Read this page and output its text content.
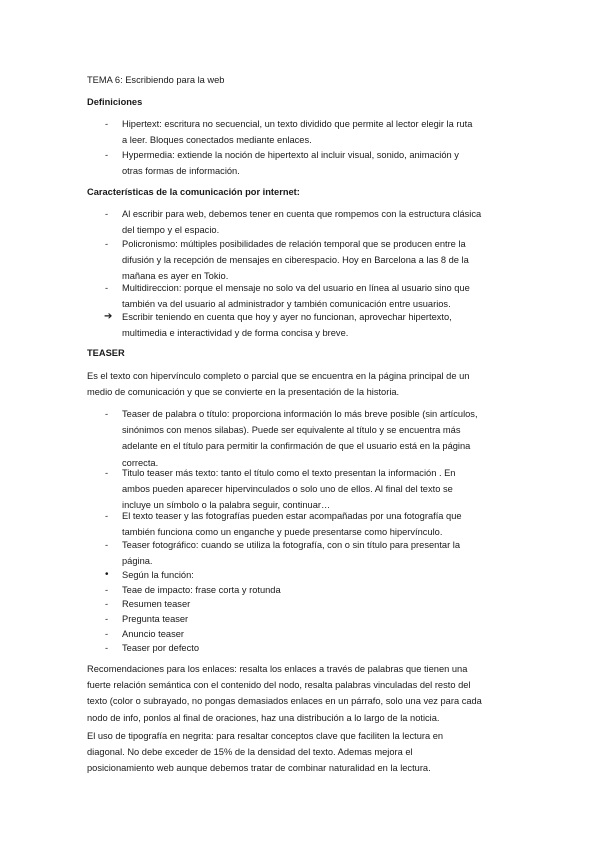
TEMA 6: Escribiendo para la web
Definiciones
-	Hipertext: escritura no secuencial, un texto dividido que permite al lector elegir la ruta
a leer. Bloques conectados mediante enlaces.
-	Hypermedia: extiende la noción de hipertexto al incluir visual, sonido, animación y
otras formas de información.
Características de la comunicación por internet:
-	Al escribir para web, debemos tener en cuenta que rompemos con la estructura clásica
del tiempo y el espacio.
-	Policronismo: múltiples posibilidades de relación temporal que se producen entre la
difusión y la recepción de mensajes en ciberespacio. Hoy en Barcelona a las 8 de la
mañana es ayer en Tokio.
-	Multidireccion: porque el mensaje no solo va del usuario en línea al usuario sino que
también va del usuario al administrador y también comunicación entre usuarios.
➔	Escribir teniendo en cuenta que hoy y ayer no funcionan, aprovechar hipertexto,
multimedia e interactividad y de forma concisa y breve.
TEASER
Es el texto con hipervínculo completo o parcial que se encuentra en la página principal de un
medio de comunicación y que se convierte en la presentación de la historia.
-	Teaser de palabra o título: proporciona información lo más breve posible (sin artículos,
sinónimos con menos silabas). Puede ser equivalente al título y se encuentra más
adelante en el título para permitir la confirmación de que el usuario está en la página
correcta.
-	Titulo teaser más texto: tanto el título como el texto presentan la información . En
ambos pueden aparecer hipervinculados o solo uno de ellos. Al final del texto se
incluye un símbolo o la palabra seguir, continuar…
-	El texto teaser y las fotografías pueden estar acompañadas por una fotografía que
también funciona como un enganche y puede presentarse como hipervínculo.
-	Teaser fotográfico: cuando se utiliza la fotografía, con o sin título para presentar la
página.
•	Según la función:
-	Teae de impacto: frase corta y rotunda
-	Resumen teaser
-	Pregunta teaser
-	Anuncio teaser
-	Teaser por defecto
Recomendaciones para los enlaces: resalta los enlaces a través de palabras que tienen una
fuerte relación semántica con el contenido del nodo, resalta palabras vinculadas del resto del
texto (color o subrayado, no pongas demasiados enlaces en un párrafo, solo una vez para cada
nodo de info, ponlos al final de oraciones, haz una distribución a lo largo de la noticia.
El uso de tipografía en negrita: para resaltar conceptos clave que faciliten la lectura en
diagonal. No debe exceder de 15% de la densidad del texto. Ademas mejora el
posicionamiento web aunque debemos tratar de combinar naturalidad en la lectura.
